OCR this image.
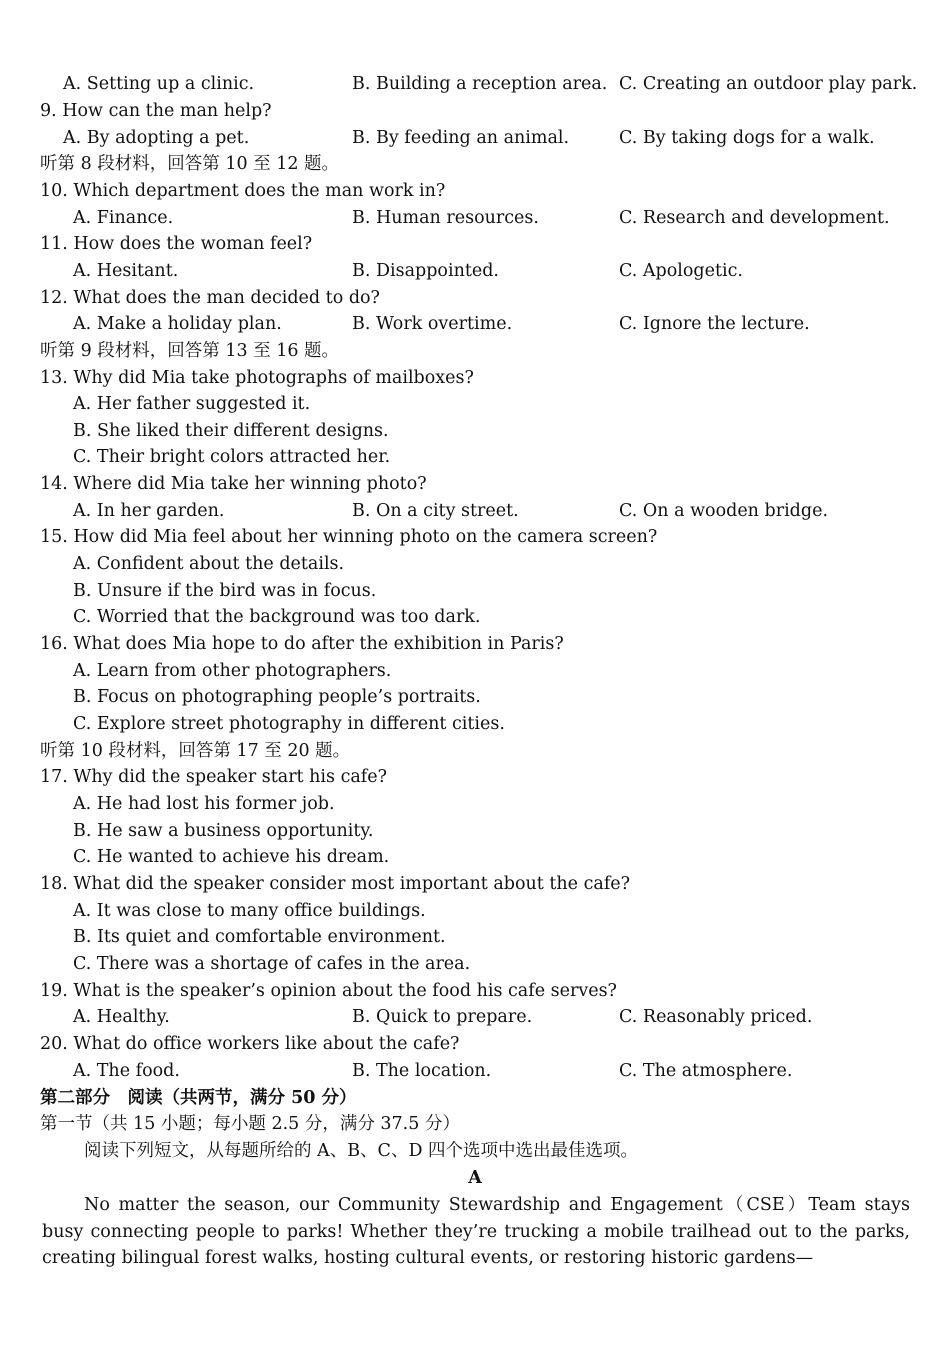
A. Setting up a clinic.	B. Building a reception area. C. Creating an outdoor play park.
9. How can the man help?
A. By adopting a pet.	B. By feeding an animal.	C. By taking dogs for a walk.
听第 8 段材料，回答第 10 至 12 题。
10. Which department does the man work in?
A. Finance.	B. Human resources.	C. Research and development.
11. How does the woman feel?
A. Hesitant.	B. Disappointed.	C. Apologetic.
12. What does the man decided to do?
A. Make a holiday plan.	B. Work overtime.	C. Ignore the lecture.
听第 9 段材料，回答第 13 至 16 题。
13. Why did Mia take photographs of mailboxes?
A. Her father suggested it.
B. She liked their different designs.
C. Their bright colors attracted her.
14. Where did Mia take her winning photo?
A. In her garden.	B. On a city street.	C. On a wooden bridge.
15. How did Mia feel about her winning photo on the camera screen?
A. Confident about the details.
B. Unsure if the bird was in focus.
C. Worried that the background was too dark.
16. What does Mia hope to do after the exhibition in Paris?
A. Learn from other photographers.
B. Focus on photographing people’s portraits.
C. Explore street photography in different cities.
听第 10 段材料，回答第 17 至 20 题。
17. Why did the speaker start his cafe?
A. He had lost his former job.
B. He saw a business opportunity.
C. He wanted to achieve his dream.
18. What did the speaker consider most important about the cafe?
A. It was close to many office buildings.
B. Its quiet and comfortable environment.
C. There was a shortage of cafes in the area.
19. What is the speaker’s opinion about the food his cafe serves?
A. Healthy.	B. Quick to prepare.	C. Reasonably priced.
20. What do office workers like about the cafe?
A. The food.	B. The location.	C. The atmosphere.
第二部分　阅读（共两节，满分 50 分）
第一节（共 15 小题；每小题 2.5 分，满分 37.5 分）
阅读下列短文，从每题所给的 A、B、C、D 四个选项中选出最佳选项。
A
No matter the season, our Community Stewardship and Engagement（CSE）Team stays busy connecting people to parks! Whether they’re trucking a mobile trailhead out to the parks, creating bilingual forest walks, hosting cultural events, or restoring historic gardens—
